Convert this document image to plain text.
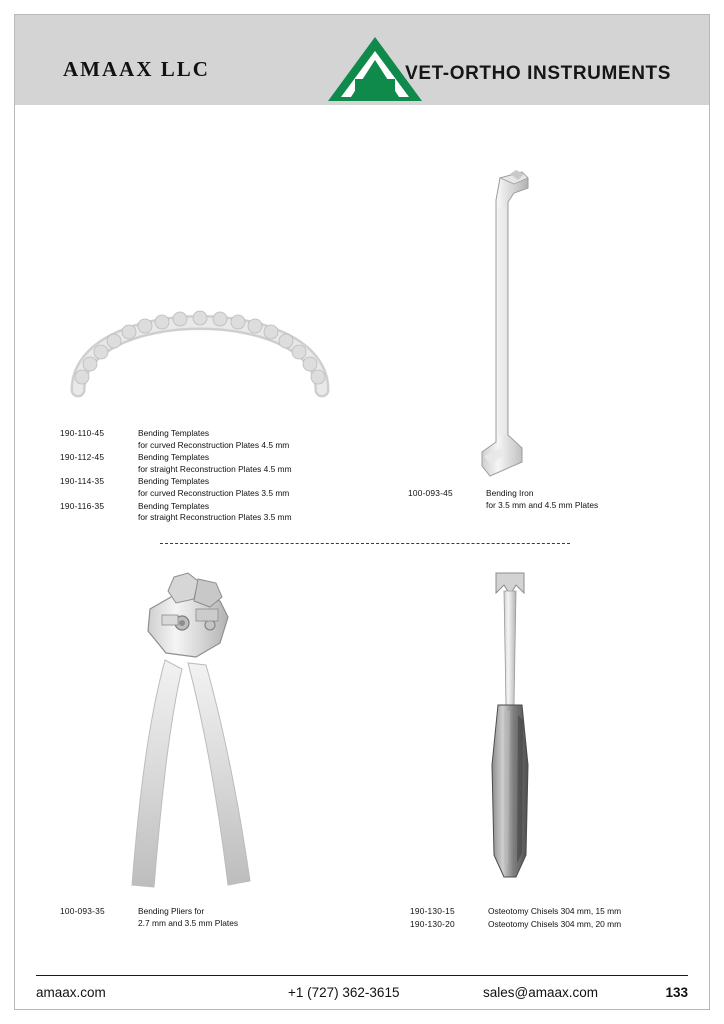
AMAAX LLC	VET-ORTHO INSTRUMENTS
190-110-45	Bending Templates
for curved Reconstruction Plates 4.5 mm
190-112-45	Bending Templates
for straight Reconstruction Plates 4.5 mm
190-114-35	Bending Templates
for curved Reconstruction Plates 3.5 mm
190-116-35	Bending Templates
for straight Reconstruction Plates 3.5 mm
100-093-45	Bending Iron
for 3.5 mm and 4.5 mm Plates
100-093-35	Bending Pliers for
2.7 mm and 3.5 mm Plates
190-130-15	Osteotomy Chisels 304 mm, 15 mm
190-130-20	Osteotomy Chisels 304 mm, 20 mm
amaax.com	+1 (727) 362-3615	sales@amaax.com	133
